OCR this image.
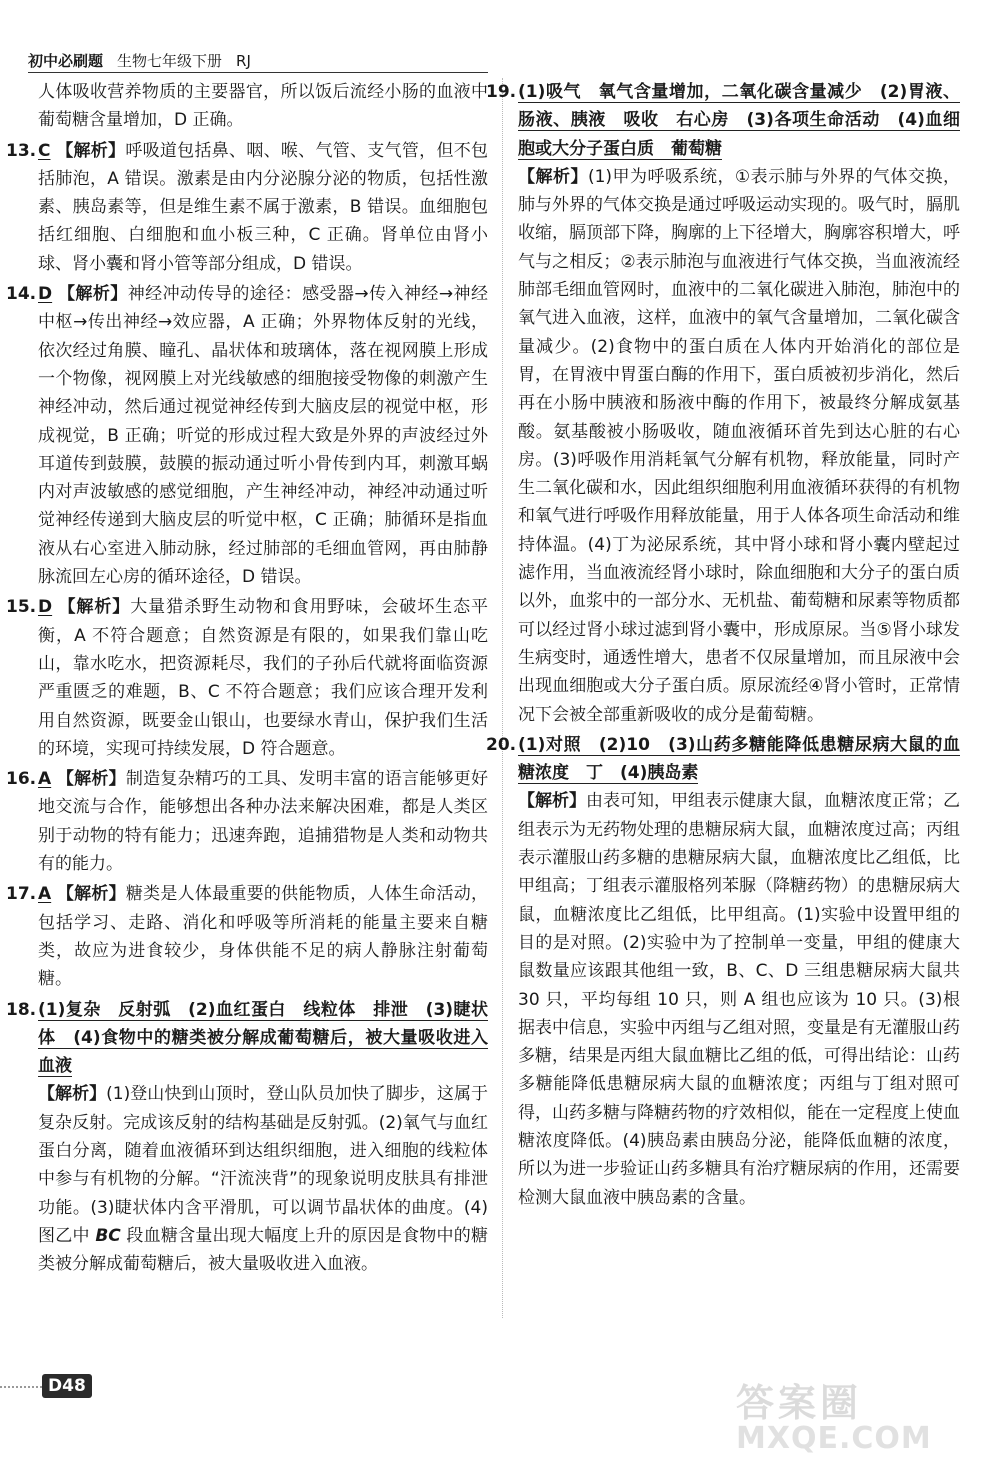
初中必刷题 生物七年级下册 RJ
人体吸收营养物质的主要器官，所以饭后流经小肠的血液中葡萄糖含量增加，D 正确。
13. C 【解析】呼吸道包括鼻、咽、喉、气管、支气管，但不包括肺泡，A 错误。激素是由内分泌腺分泌的物质，包括性激素、胰岛素等，但是维生素不属于激素，B 错误。血细胞包括红细胞、白细胞和血小板三种，C 正确。肾单位由肾小球、肾小囊和肾小管等部分组成，D 错误。
14. D 【解析】神经冲动传导的途径：感受器→传入神经→神经中枢→传出神经→效应器，A 正确；外界物体反射的光线，依次经过角膜、瞳孔、晶状体和玻璃体，落在视网膜上形成一个物像，视网膜上对光线敏感的细胞接受物像的刺激产生神经冲动，然后通过视觉神经传到大脑皮层的视觉中枢，形成视觉，B 正确；听觉的形成过程大致是外界的声波经过外耳道传到鼓膜，鼓膜的振动通过听小骨传到内耳，刺激耳蜗内对声波敏感的感觉细胞，产生神经冲动，神经冲动通过听觉神经传递到大脑皮层的听觉中枢，C 正确；肺循环是指血液从右心室进入肺动脉，经过肺部的毛细血管网，再由肺静脉流回左心房的循环途径，D 错误。
15. D 【解析】大量猎杀野生动物和食用野味，会破坏生态平衡，A 不符合题意；自然资源是有限的，如果我们靠山吃山，靠水吃水，把资源耗尽，我们的子孙后代就将面临资源严重匮乏的难题，B、C 不符合题意；我们应该合理开发利用自然资源，既要金山银山，也要绿水青山，保护我们生活的环境，实现可持续发展，D 符合题意。
16. A 【解析】制造复杂精巧的工具、发明丰富的语言能够更好地交流与合作，能够想出各种办法来解决困难，都是人类区别于动物的特有能力；迅速奔跑，追捕猎物是人类和动物共有的能力。
17. A 【解析】糖类是人体最重要的供能物质，人体生命活动，包括学习、走路、消化和呼吸等所消耗的能量主要来自糖类，故应为进食较少，身体供能不足的病人静脉注射葡萄糖。
18. (1)复杂　反射弧　(2)血红蛋白　线粒体　排泄　(3)睫状体　(4)食物中的糖类被分解成葡萄糖后，被大量吸收进入血液
【解析】(1)登山快到山顶时，登山队员加快了脚步，这属于复杂反射。完成该反射的结构基础是反射弧。(2)氧气与血红蛋白分离，随着血液循环到达组织细胞，进入细胞的线粒体中参与有机物的分解。“汗流浃背”的现象说明皮肤具有排泄功能。(3)睫状体内含平滑肌，可以调节晶状体的曲度。(4)图乙中 BC 段血糖含量出现大幅度上升的原因是食物中的糖类被分解成葡萄糖后，被大量吸收进入血液。
19. (1)吸气　氧气含量增加，二氧化碳含量减少　(2)胃液、肠液、胰液　吸收　右心房　(3)各项生命活动　(4)血细胞或大分子蛋白质　葡萄糖
【解析】(1)甲为呼吸系统，①表示肺与外界的气体交换，肺与外界的气体交换是通过呼吸运动实现的。吸气时，膈肌收缩，膈顶部下降，胸廓的上下径增大，胸廓容积增大，呼气与之相反；②表示肺泡与血液进行气体交换，当血液流经肺部毛细血管网时，血液中的二氧化碳进入肺泡，肺泡中的氧气进入血液，这样，血液中的氧气含量增加，二氧化碳含量减少。(2)食物中的蛋白质在人体内开始消化的部位是胃，在胃液中胃蛋白酶的作用下，蛋白质被初步消化，然后再在小肠中胰液和肠液中酶的作用下，被最终分解成氨基酸。氨基酸被小肠吸收，随血液循环首先到达心脏的右心房。(3)呼吸作用消耗氧气分解有机物，释放能量，同时产生二氧化碳和水，因此组织细胞利用血液循环获得的有机物和氧气进行呼吸作用释放能量，用于人体各项生命活动和维持体温。(4)丁为泌尿系统，其中肾小球和肾小囊内壁起过滤作用，当血液流经肾小球时，除血细胞和大分子的蛋白质以外，血浆中的一部分水、无机盐、葡萄糖和尿素等物质都可以经过肾小球过滤到肾小囊中，形成原尿。当⑤肾小球发生病变时，通透性增大，患者不仅尿量增加，而且尿液中会出现血细胞或大分子蛋白质。原尿流经④肾小管时，正常情况下会被全部重新吸收的成分是葡萄糖。
20. (1)对照　(2)10　(3)山药多糖能降低患糖尿病大鼠的血糖浓度　丁　(4)胰岛素
【解析】由表可知，甲组表示健康大鼠，血糖浓度正常；乙组表示为无药物处理的患糖尿病大鼠，血糖浓度过高；丙组表示灌服山药多糖的患糖尿病大鼠，血糖浓度比乙组低，比甲组高；丁组表示灌服格列苯脲（降糖药物）的患糖尿病大鼠，血糖浓度比乙组低，比甲组高。(1)实验中设置甲组的目的是对照。(2)实验中为了控制单一变量，甲组的健康大鼠数量应该跟其他组一致，B、C、D 三组患糖尿病大鼠共 30 只，平均每组 10 只，则 A 组也应该为 10 只。(3)根据表中信息，实验中丙组与乙组对照，变量是有无灌服山药多糖，结果是丙组大鼠血糖比乙组的低，可得出结论：山药多糖能降低患糖尿病大鼠的血糖浓度；丙组与丁组对照可得，山药多糖与降糖药物的疗效相似，能在一定程度上使血糖浓度降低。(4)胰岛素由胰岛分泌，能降低血糖的浓度，所以为进一步验证山药多糖具有治疗糖尿病的作用，还需要检测大鼠血液中胰岛素的含量。
D48	答案圈
MXQE.COM
